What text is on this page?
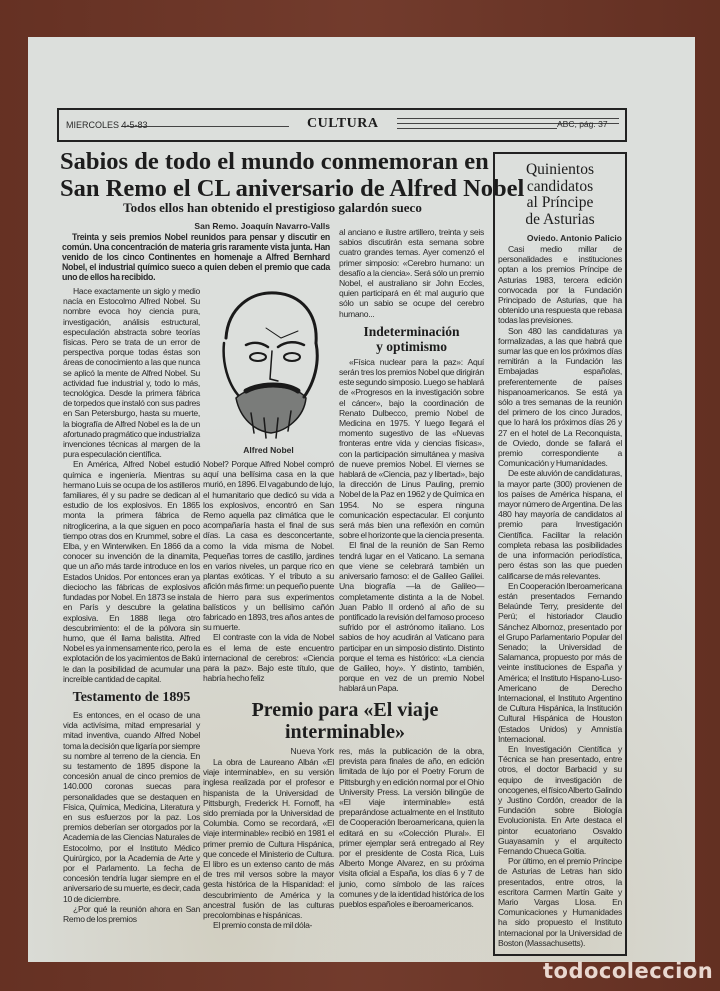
MIERCOLES 4-5-83	CULTURA	ABC, pág. 37
Sabios de todo el mundo conmemoran en
San Remo el CL aniversario de Alfred Nobel
Todos ellos han obtenido el prestigioso galardón sueco
San Remo. Joaquín Navarro-Valls

Treinta y seis premios Nobel reunidos para pensar y discutir en común. Una concentración de materia gris raramente vista junta. Han venido de los cinco Continentes en homenaje a Alfred Bernhard Nobel, el industrial químico sueco a quien deben el premio que cada uno de ellos ha recibido.

Hace exactamente un siglo y medio nacía en Estocolmo Alfred Nobel. Su nombre evoca hoy ciencia pura, investigación, análisis estructural, especulación abstracta sobre teorías físicas. Pero se trata de un error de perspectiva porque todas éstas son áreas de conocimiento a las que nunca se aplicó la mente de Alfred Nobel. Su actividad fue industrial y, todo lo más, tecnológica. Desde la primera fábrica de torpedos que instaló con sus padres en San Petersburgo, hasta su muerte, la biografía de Alfred Nobel es la de un afortunado pragmático que industrializa invenciones técnicas al margen de la pura especulación científica.

En América, Alfred Nobel estudió química e ingeniería. Mientras su hermano Luis se ocupa de los astilleros familiares, él y su padre se dedican al estudio de los explosivos. En 1865 monta la primera fábrica de nitroglicerina, a la que siguen en poco tiempo otras dos en Krummel, sobre el Elba, y en Winterwiken. En 1866 da a conocer su invención de la dinamita, que un año más tarde introduce en los Estados Unidos. Por entonces eran ya dieciocho las fábricas de explosivos fundadas por Nobel. En 1873 se instala en París y descubre la gelatina explosiva. En 1888 llega otro descubrimiento: el de la pólvora sin humo, que él llama balistita. Alfred Nobel es ya inmensamente rico, pero la explotación de los yacimientos de Bakú le dan la posibilidad de acumular una increíble cantidad de capital.

Testamento de 1895

Es entonces, en el ocaso de una vida activísima, mitad empresarial y mitad inventiva, cuando Alfred Nobel toma la decisión que ligaría por siempre su nombre al terreno de la ciencia. En su testamento de 1895 dispone la concesión anual de cinco premios de 140.000 coronas suecas para personalidades que se destaquen en Física, Química, Medicina, Literatura y en sus esfuerzos por la paz. Los premios deberían ser otorgados por la Academia de las Ciencias Naturales de Estocolmo, por el Instituto Médico Quirúrgico, por la Academia de Arte y por el Parlamento. La fecha de concesión tendría lugar siempre en el aniversario de su muerte, es decir, cada 10 de diciembre.

¿Por qué la reunión ahora en San Remo de los premios

Alfred Nobel

Nobel? Porque Alfred Nobel compró aquí una bellísima casa en la que murió, en 1896. El vagabundo de lujo, el humanitario que dedicó su vida a los explosivos, encontró en San Remo aquella paz climática que le acompañaría hasta el final de sus días. La casa es desconcertante, como la vida misma de Nobel. Pequeñas torres de castillo, jardines en varios niveles, un parque rico en plantas exóticas. Y el tributo a su afición más firme: un pequeño puente de hierro para sus experimentos balísticos y un bellísimo cañón fabricado en 1893, tres años antes de su muerte.

El contraste con la vida de Nobel es el lema de este encuentro internacional de cerebros: «Ciencia para la paz». Bajo este título, que habría hecho feliz

al anciano e ilustre artillero, treinta y seis sabios discutirán esta semana sobre cuatro grandes temas. Ayer comenzó el primer simposio: «Cerebro humano: un desafío a la ciencia». Será sólo un premio Nobel, el australiano sir John Eccles, quien participará en él: mal augurio que sólo un sabio se ocupe del cerebro humano...

Indeterminación
y optimismo

«Física nuclear para la paz»: Aquí serán tres los premios Nobel que dirigirán este segundo simposio. Luego se hablará de «Progresos en la investigación sobre el cáncer», bajo la coordinación de Renato Dulbecco, premio Nobel de Medicina en 1975. Y luego llegará el momento sugestivo de las «Nuevas fronteras entre vida y ciencias físicas», con la participación simultánea y masiva de nueve premios Nobel. El viernes se hablará de «Ciencia, paz y libertad», bajo la dirección de Linus Pauling, premio Nobel de la Paz en 1962 y de Química en 1954. No se espera ninguna comunicación espectacular. El conjunto será más bien una reflexión en común sobre el horizonte que la ciencia presenta.

El final de la reunión de San Remo tendrá lugar en el Vaticano. La semana que viene se celebrará también un aniversario famoso: el de Galileo Galilei. Una biografía —la de Galileo— completamente distinta a la de Nobel. Juan Pablo II ordenó al año de su pontificado la revisión del famoso proceso sufrido por el astrónomo italiano. Los sabios de hoy acudirán al Vaticano para participar en un simposio distinto. Distinto porque el tema es histórico: «La ciencia de Galileo, hoy». Y distinto, también, porque en vez de un premio Nobel hablará un Papa.

Premio para «El viaje
interminable»
Nueva York

La obra de Laureano Albán «El viaje interminable», en su versión inglesa realizada por el profesor e hispanista de la Universidad de Pittsburgh, Frederick H. Fornoff, ha sido premiada por la Universidad de Columbia. Como se recordará, «El viaje interminable» recibió en 1981 el primer premio de Cultura Hispánica, que concede el Ministerio de Cultura. El libro es un extenso canto de más de tres mil versos sobre la mayor gesta histórica de la Hispanidad: el descubrimiento de América y la ancestral fusión de las culturas precolombinas e hispánicas.

El premio consta de mil dóla-

res, más la publicación de la obra, prevista para finales de año, en edición limitada de lujo por el Poetry Forum de Pittsburgh y en edición normal por el Ohio University Press. La versión bilingüe de «El viaje interminable» está preparándose actualmente en el Instituto de Cooperación Iberoamericana, quien la editará en su «Colección Plural». El primer ejemplar será entregado al Rey por el presidente de Costa Rica, Luis Alberto Monge Alvarez, en su próxima visita oficial a España, los días 6 y 7 de junio, como símbolo de las raíces comunes y de la identidad histórica de los pueblos españoles e iberoamericanos.

Quinientos
candidatos
al Príncipe
de Asturias
Oviedo. Antonio Palicio

Casi medio millar de personalidades e instituciones optan a los premios Príncipe de Asturias 1983, tercera edición convocada por la Fundación Principado de Asturias, que ha obtenido una respuesta que rebasa todas las previsiones.

Son 480 las candidaturas ya formalizadas, a las que habrá que sumar las que en los próximos días remitirán a la Fundación las Embajadas españolas, preferentemente de países hispanoamericanos. Se está ya sólo a tres semanas de la reunión del primero de los cinco Jurados, que lo hará los próximos días 26 y 27 en el hotel de La Reconquista, de Oviedo, donde se fallará el premio correspondiente a Comunicación y Humanidades.

De este aluvión de candidaturas, la mayor parte (300) provienen de los países de América hispana, el mayor número de Argentina. De las 480 hay mayoría de candidatos al premio para Investigación Científica. Facilitar la relación completa rebasa las posibilidades de una información periodística, pero éstas son las que pueden calificarse de más relevantes.

En Cooperación Iberoamericana están presentados Fernando Belaúnde Terry, presidente del Perú; el historiador Claudio Sánchez Albornoz, presentado por el Grupo Parlamentario Popular del Senado; la Universidad de Salamanca, propuesto por más de veinte instituciones de España y América; el Instituto Hispano-Luso-Americano de Derecho Internacional, el Instituto Argentino de Cultura Hispánica, la Institución Cultural Hispánica de Houston (Estados Unidos) y Amnistía Internacional.

En Investigación Científica y Técnica se han presentado, entre otros, el doctor Barbacid y su equipo de investigación de oncogenes, el físico Alberto Galindo y Justino Cordón, creador de la Fundación sobre Biología Evolucionista. En Arte destaca el pintor ecuatoriano Osvaldo Guayasamín y el arquitecto Fernando Chueca Goitia.

Por último, en el premio Príncipe de Asturias de Letras han sido presentados, entre otros, la escritora Carmen Martín Gaite y Mario Vargas Llosa. En Comunicaciones y Humanidades ha sido propuesto el Instituto Internacional por la Universidad de Boston (Massachusetts).

todocoleccion
